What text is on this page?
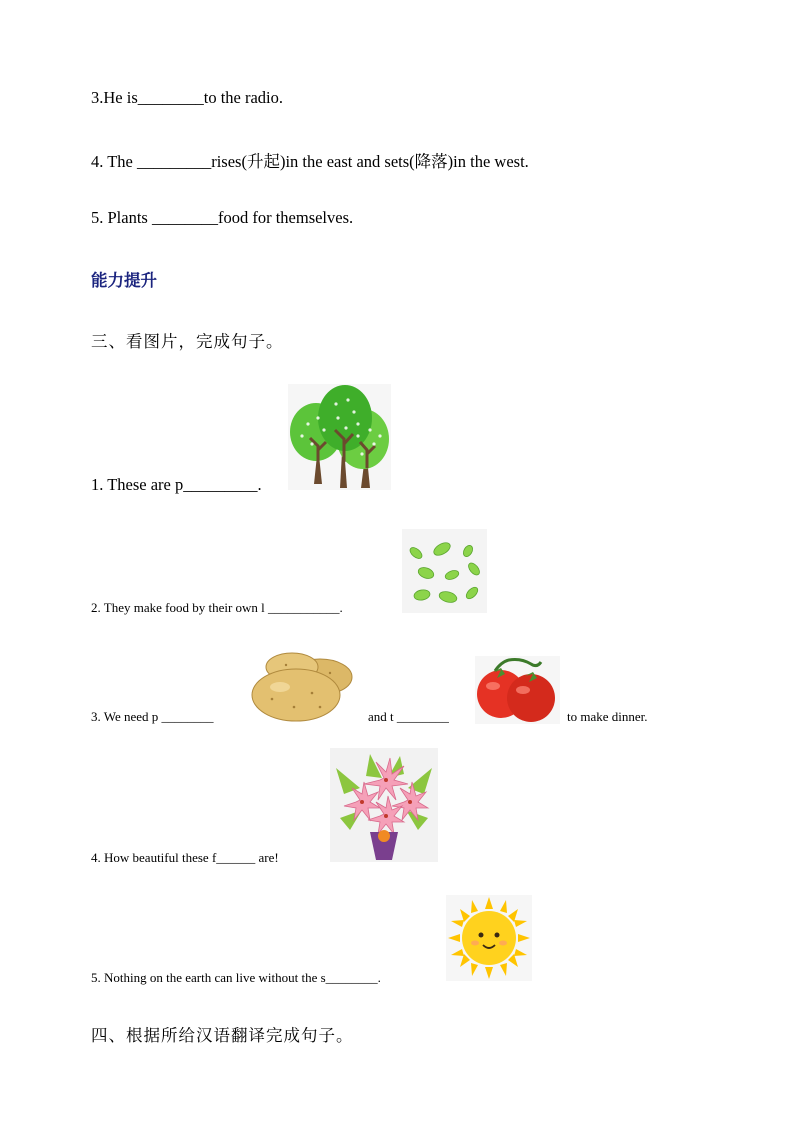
3.He is________to the radio.
4. The _________rises(升起)in the east and sets(降落)in the west.
5. Plants ________food for themselves.
能力提升
三、看图片，完成句子。
1. These are p_________.
2. They make food by their own l ___________.
3. We need p ________	and t ________	to make dinner.
4. How beautiful these f______ are!
5. Nothing on the earth can live without the s________.
四、根据所给汉语翻译完成句子。
